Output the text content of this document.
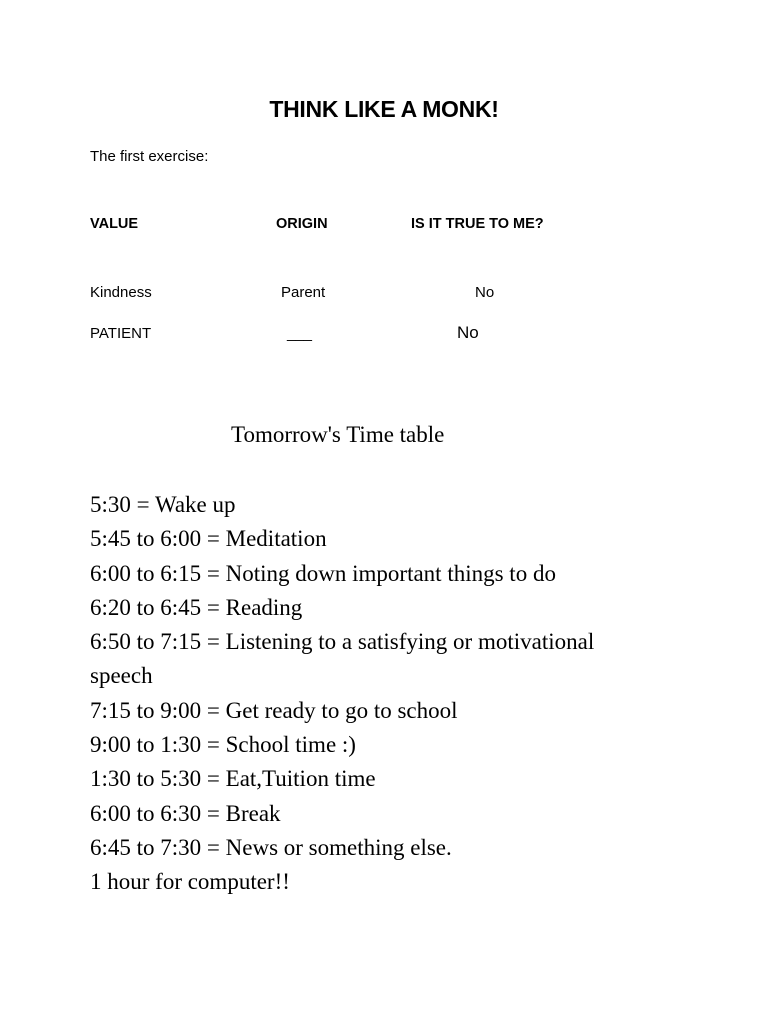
THINK LIKE A MONK!
The first exercise:
VALUE	ORIGIN	IS IT TRUE TO ME?
Kindness	Parent	No
PATIENT	___	No
Tomorrow's Time table
5:30 = Wake up
5:45 to 6:00 = Meditation
6:00 to 6:15 = Noting down important things to do
6:20 to 6:45 = Reading
6:50 to 7:15 = Listening to a satisfying or motivational speech
7:15 to 9:00 = Get ready to go to school
9:00 to 1:30 = School time :)
1:30 to 5:30 = Eat,Tuition time
6:00 to 6:30 = Break
6:45 to 7:30 = News or something else.
1 hour for computer!!
